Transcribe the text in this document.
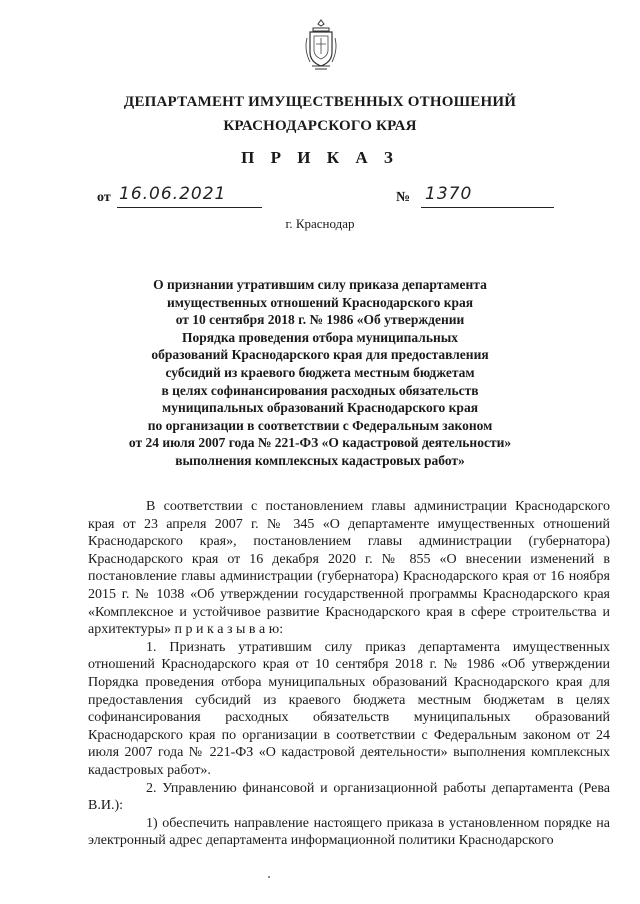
ДЕПАРТАМЕНТ ИМУЩЕСТВЕННЫХ ОТНОШЕНИЙ
КРАСНОДАРСКОГО КРАЯ
П Р И К А З
от 16.06.2021	№ 1370
г. Краснодар
О признании утратившим силу приказа департамента
имущественных отношений Краснодарского края
от 10 сентября 2018 г. № 1986 «Об утверждении
Порядка проведения отбора муниципальных
образований Краснодарского края для предоставления
субсидий из краевого бюджета местным бюджетам
в целях софинансирования расходных обязательств
муниципальных образований Краснодарского края
по организации в соответствии с Федеральным законом
от 24 июля 2007 года № 221-ФЗ «О кадастровой деятельности»
выполнения комплексных кадастровых работ»

В соответствии с постановлением главы администрации Краснодарского края от 23 апреля 2007 г. № 345 «О департаменте имущественных отношений Краснодарского края», постановлением главы администрации (губернатора) Краснодарского края от 16 декабря 2020 г. № 855 «О внесении изменений в постановление главы администрации (губернатора) Краснодарского края от 16 ноября 2015 г. № 1038 «Об утверждении государственной программы Краснодарского края «Комплексное и устойчивое развитие Краснодарского края в сфере строительства и архитектуры» п р и к а з ы в а ю:

1. Признать утратившим силу приказ департамента имущественных отношений Краснодарского края от 10 сентября 2018 г. № 1986 «Об утверждении Порядка проведения отбора муниципальных образований Краснодарского края для предоставления субсидий из краевого бюджета местным бюджетам в целях софинансирования расходных обязательств муниципальных образований Краснодарского края по организации в соответствии с Федеральным законом от 24 июля 2007 года № 221-ФЗ «О кадастровой деятельности» выполнения комплексных кадастровых работ».

2. Управлению финансовой и организационной работы департамента (Рева В.И.):

1) обеспечить направление настоящего приказа в установленном порядке на электронный адрес департамента информационной политики Краснодарского
